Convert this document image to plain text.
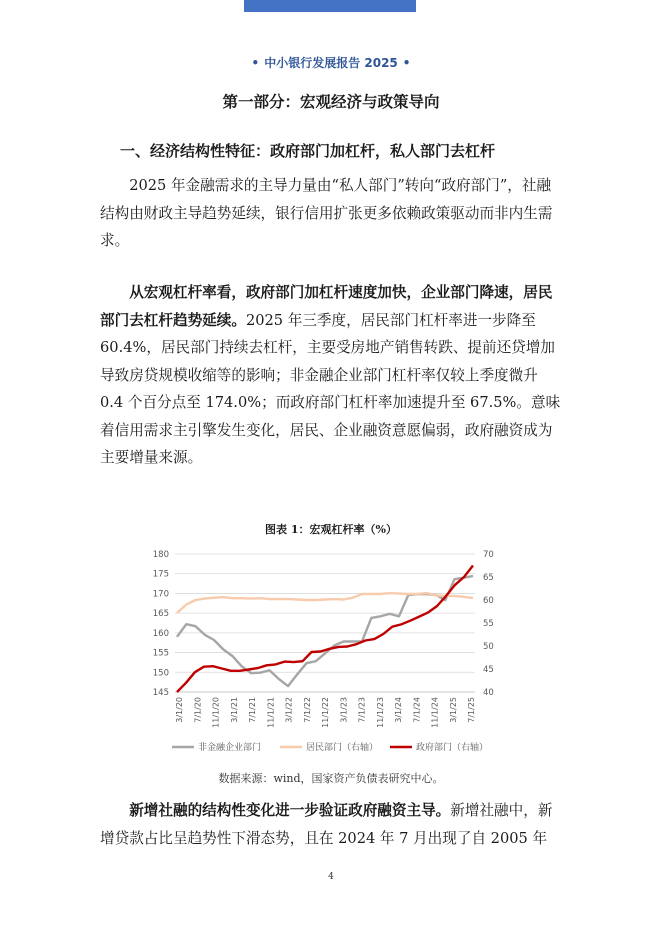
• 中小银行发展报告 2025 •
第一部分：宏观经济与政策导向
一、经济结构性特征：政府部门加杠杆，私人部门去杠杆

2025 年金融需求的主导力量由“私人部门”转向“政府部门”，社融结构由财政主导趋势延续，银行信用扩张更多依赖政策驱动而非内生需求。

从宏观杠杆率看，政府部门加杠杆速度加快，企业部门降速，居民部门去杠杆趋势延续。2025 年三季度，居民部门杠杆率进一步降至 60.4%，居民部门持续去杠杆，主要受房地产销售转跌、提前还贷增加导致房贷规模收缩等的影响；非金融企业部门杠杆率仅较上季度微升 0.4 个百分点至 174.0%；而政府部门杠杆率加速提升至 67.5%。意味着信用需求主引擎发生变化，居民、企业融资意愿偏弱，政府融资成为主要增量来源。

图表 1：宏观杠杆率（%）
145
150
155
160
165
170
175
180
40
45
50
55
60
65
70
3/1/20 7/1/20 11/1/20 3/1/21 7/1/21 11/1/21 3/1/22 7/1/22 11/1/22 3/1/23 7/1/23 11/1/23 3/1/24 7/1/24 11/1/24 3/1/25 7/1/25
非金融企业部门	居民部门（右轴）	政府部门（右轴）
数据来源：wind，国家资产负债表研究中心。

新增社融的结构性变化进一步验证政府融资主导。新增社融中，新增贷款占比呈趋势性下滑态势，且在 2024 年 7 月出现了自 2005 年

4
